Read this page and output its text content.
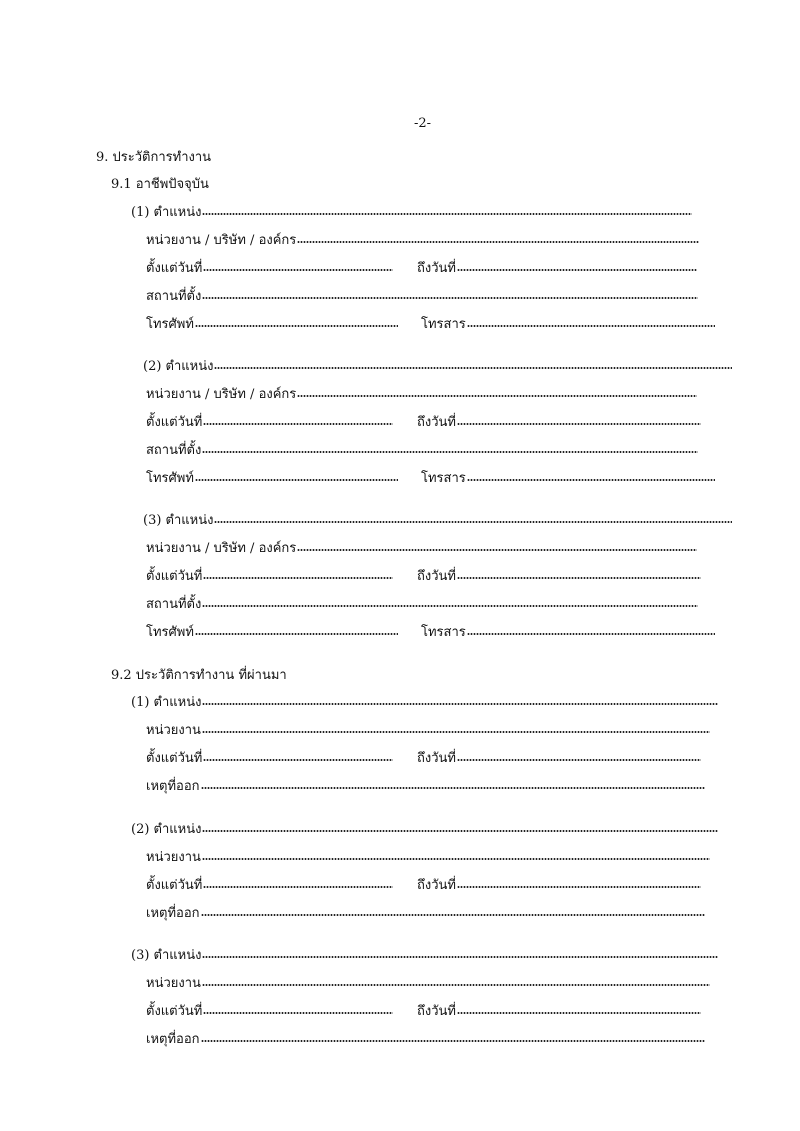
-2-
9. ประวัติการทำงาน
9.1 อาชีพปัจจุบัน
(1) ตำแหน่ง
หน่วยงาน / บริษัท / องค์กร
ตั้งแต่วันที่	ถึงวันที่
สถานที่ตั้ง
โทรศัพท์	โทรสาร
(2) ตำแหน่ง
หน่วยงาน / บริษัท / องค์กร
ตั้งแต่วันที่	ถึงวันที่
สถานที่ตั้ง
โทรศัพท์	โทรสาร
(3) ตำแหน่ง
หน่วยงาน / บริษัท / องค์กร
ตั้งแต่วันที่	ถึงวันที่
สถานที่ตั้ง
โทรศัพท์	โทรสาร
9.2 ประวัติการทำงาน ที่ผ่านมา
(1) ตำแหน่ง
หน่วยงาน
ตั้งแต่วันที่	ถึงวันที่
เหตุที่ออก
(2) ตำแหน่ง
หน่วยงาน
ตั้งแต่วันที่	ถึงวันที่
เหตุที่ออก
(3) ตำแหน่ง
หน่วยงาน
ตั้งแต่วันที่	ถึงวันที่
เหตุที่ออก
